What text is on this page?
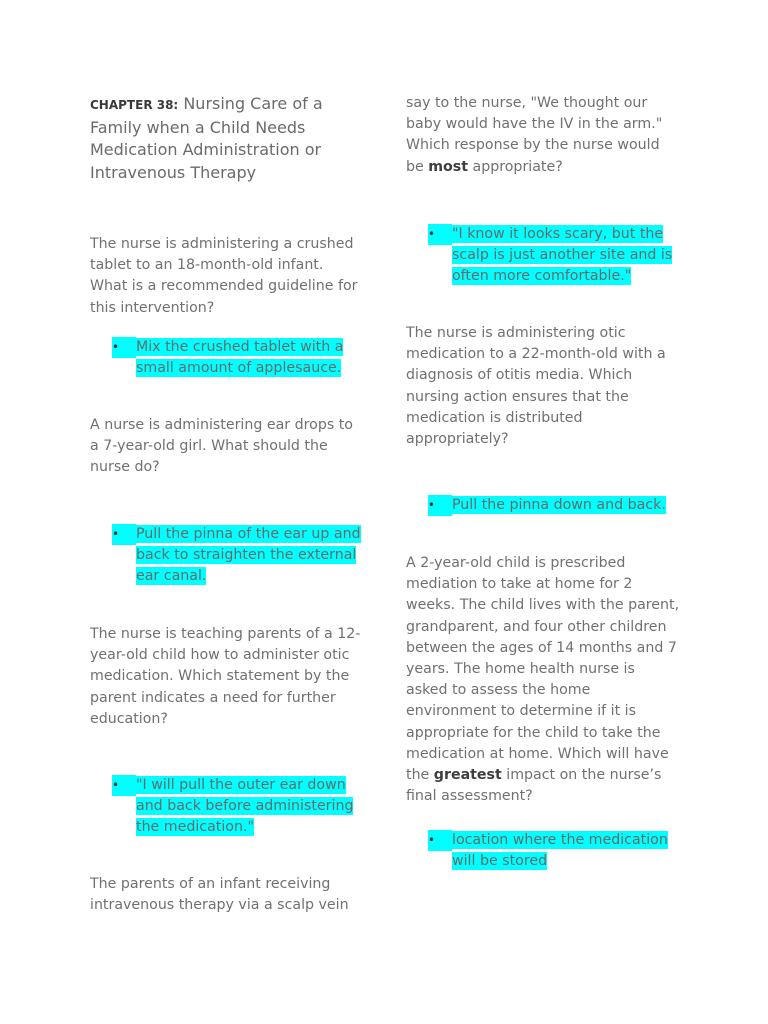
CHAPTER 38: Nursing Care of a Family when a Child Needs Medication Administration or Intravenous Therapy
The nurse is administering a crushed tablet to an 18-month-old infant. What is a recommended guideline for this intervention?
•	Mix the crushed tablet with a small amount of applesauce.
A nurse is administering ear drops to a 7-year-old girl. What should the nurse do?
•	Pull the pinna of the ear up and back to straighten the external ear canal.
The nurse is teaching parents of a 12-year-old child how to administer otic medication. Which statement by the parent indicates a need for further education?
•	"I will pull the outer ear down and back before administering the medication."
The parents of an infant receiving intravenous therapy via a scalp vein
say to the nurse, "We thought our baby would have the IV in the arm." Which response by the nurse would be most appropriate?
•	"I know it looks scary, but the scalp is just another site and is often more comfortable."
The nurse is administering otic medication to a 22-month-old with a diagnosis of otitis media. Which nursing action ensures that the medication is distributed appropriately?
•	Pull the pinna down and back.
A 2-year-old child is prescribed mediation to take at home for 2 weeks. The child lives with the parent, grandparent, and four other children between the ages of 14 months and 7 years. The home health nurse is asked to assess the home environment to determine if it is appropriate for the child to take the medication at home. Which will have the greatest impact on the nurse’s final assessment?
•	location where the medication will be stored
